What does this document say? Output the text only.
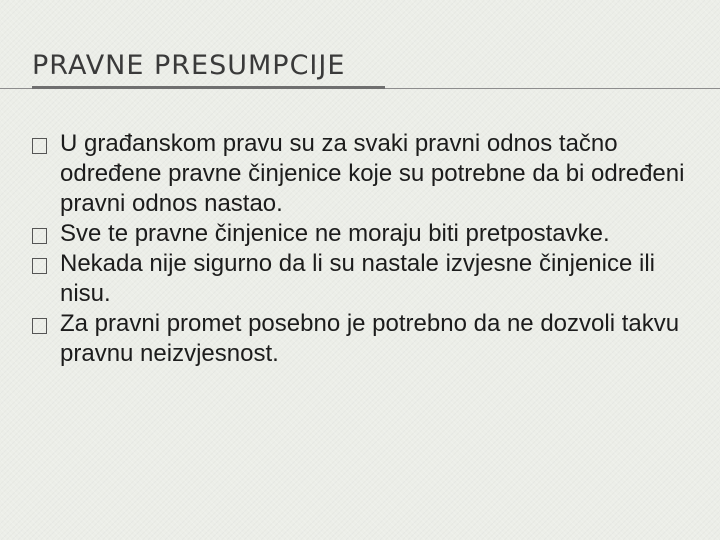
PRAVNE PRESUMPCIJE
U građanskom pravu su za svaki pravni odnos tačno određene pravne činjenice koje su potrebne da bi određeni pravni odnos nastao.
Sve te pravne činjenice ne moraju biti pretpostavke.
Nekada nije sigurno da li su nastale izvjesne činjenice ili nisu.
Za pravni promet posebno je potrebno da ne dozvoli takvu pravnu neizvjesnost.
